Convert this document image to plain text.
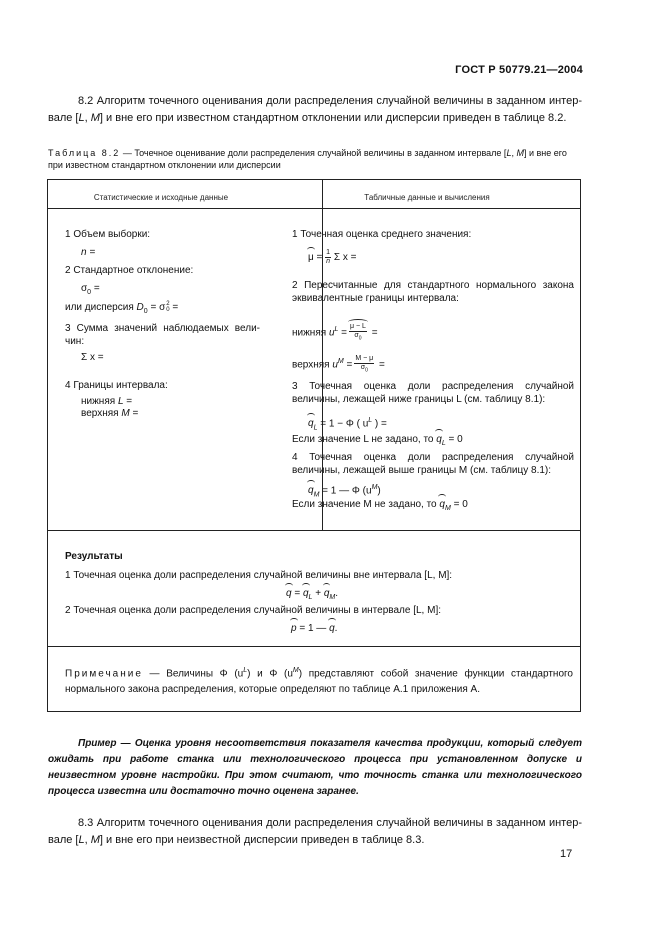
ГОСТ Р 50779.21—2004
8.2 Алгоритм точечного оценивания доли распределения случайной величины в заданном интер-вале [L, M] и вне его при известном стандартном отклонении или дисперсии приведен в таблице 8.2.
Таблица 8.2 — Точечное оценивание доли распределения случайной величины в заданном интервале [L, M] и вне его при известном стандартном отклонении или дисперсии
Статистические и исходные данные	Табличные данные и вычисления
1 Объем выборки:
n =
2 Стандартное отклонение:
$\sigma_0$ =
или дисперсия $D_0 = \sigma$ 2
0 =
3 Сумма значений наблюдаемых вели-чин:
Σ x =
4 Границы интервала:
нижняя L =
верхняя M =
1 Точечная оценка среднего значения:
$\mu = \frac{1}{n}$ Σ x =
2 Пересчитанные для стандартного нормального закона эквивалентные границы интервала:
нижняя $u^L = \frac{\mu - L}{\sigma_0}$ =
верхняя $u^M = \frac{M - \mu}{\sigma_0}$ =
3 Точечная оценка доли распределения случайной величины, лежащей ниже границы L (см. таблицу 8.1):
$q_L = 1 - \Phi$ ( $u^L$ ) =
Если значение L не задано, то $q_L = 0$
4 Точечная оценка доли распределения случайной величины, лежащей выше границы M (см. таблицу 8.1):
$q_M = 1$ — Φ $(u^M)$
Если значение M не задано, то $q_M = 0$
Результаты
1 Точечная оценка доли распределения случайной величины вне интервала [L, M]:
$q = q_L + q_M$.
2 Точечная оценка доли распределения случайной величины в интервале [L, M]:
p = 1 — q.
Примечание — Величины Φ $(u^L)$ и Φ $(u^M)$ представляют собой значение функции стандартного нормального закона распределения, которые определяют по таблице А.1 приложения А.
Пример — Оценка уровня несоответствия показателя качества продукции, который следует ожидать при работе станка или технологического процесса при установленном допуске и неизвестном уровне настройки. При этом считают, что точность станка или технологического процесса известна или достаточно точно оценена заранее.
8.3 Алгоритм точечного оценивания доли распределения случайной величины в заданном интер-вале [L, M] и вне его при неизвестной дисперсии приведен в таблице 8.3.
17
